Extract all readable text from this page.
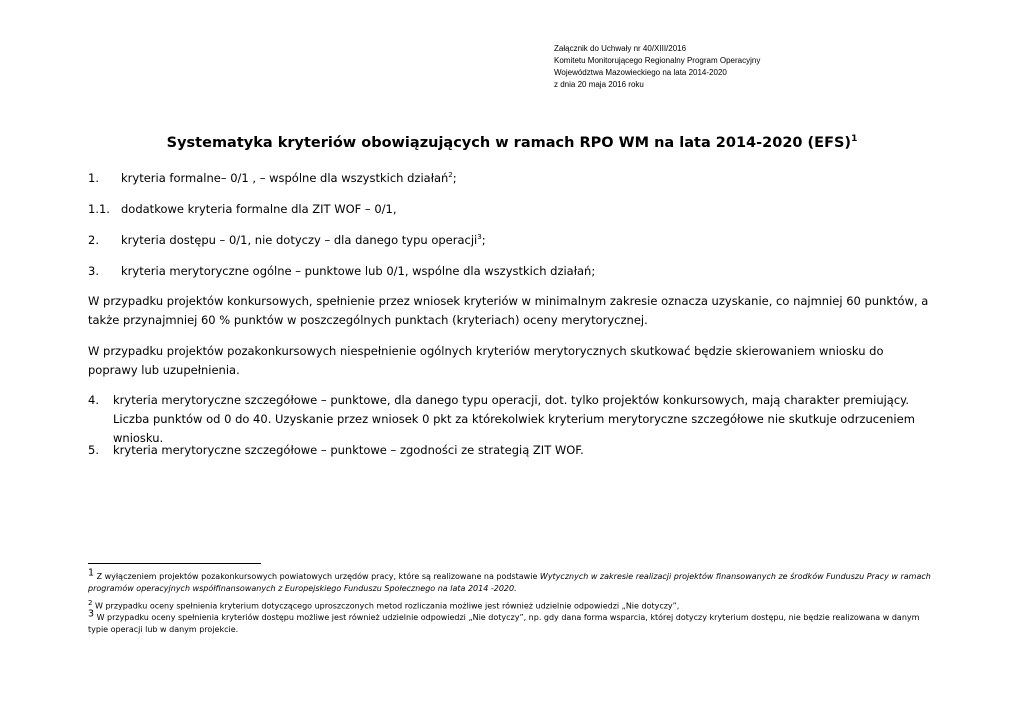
Załącznik do Uchwały nr 40/XIII/2016
Komitetu Monitorującego Regionalny Program Operacyjny
Województwa Mazowieckiego na lata 2014-2020
z dnia 20 maja 2016 roku
Systematyka kryteriów obowiązujących w ramach RPO WM na lata 2014-2020 (EFS)$^1$
1. kryteria formalne– 0/1 , – wspólne dla wszystkich działań$^2$;
1.1. dodatkowe kryteria formalne dla ZIT WOF – 0/1,
2. kryteria dostępu – 0/1, nie dotyczy – dla danego typu operacji$^3$;
3. kryteria merytoryczne ogólne – punktowe lub 0/1, wspólne dla wszystkich działań;
W przypadku projektów konkursowych, spełnienie przez wniosek kryteriów w minimalnym zakresie oznacza uzyskanie, co najmniej 60 punktów, a także przynajmniej 60 % punktów w poszczególnych punktach (kryteriach) oceny merytorycznej.
W przypadku projektów pozakonkursowych niespełnienie ogólnych kryteriów merytorycznych skutkować będzie skierowaniem wniosku do poprawy lub uzupełnienia.
4. kryteria merytoryczne szczegółowe – punktowe, dla danego typu operacji, dot. tylko projektów konkursowych, mają charakter premiujący. Liczba punktów od 0 do 40. Uzyskanie przez wniosek 0 pkt za którekolwiek kryterium merytoryczne szczegółowe nie skutkuje odrzuceniem wniosku.
5. kryteria merytoryczne szczegółowe – punktowe – zgodności ze strategią ZIT WOF.
1 Z wyłączeniem projektów pozakonkursowych powiatowych urzędów pracy, które są realizowane na podstawie Wytycznych w zakresie realizacji projektów finansowanych ze środków Funduszu Pracy w ramach programów operacyjnych współfinansowanych z Europejskiego Funduszu Społecznego na lata 2014 -2020.
$^2$ W przypadku oceny spełnienia kryterium dotyczącego uproszczonych metod rozliczania możliwe jest również udzielnie odpowiedzi „Nie dotyczy”,
3 W przypadku oceny spełnienia kryteriów dostępu możliwe jest również udzielnie odpowiedzi „Nie dotyczy”, np. gdy dana forma wsparcia, której dotyczy kryterium dostępu, nie będzie realizowana w danym typie operacji lub w danym projekcie.
